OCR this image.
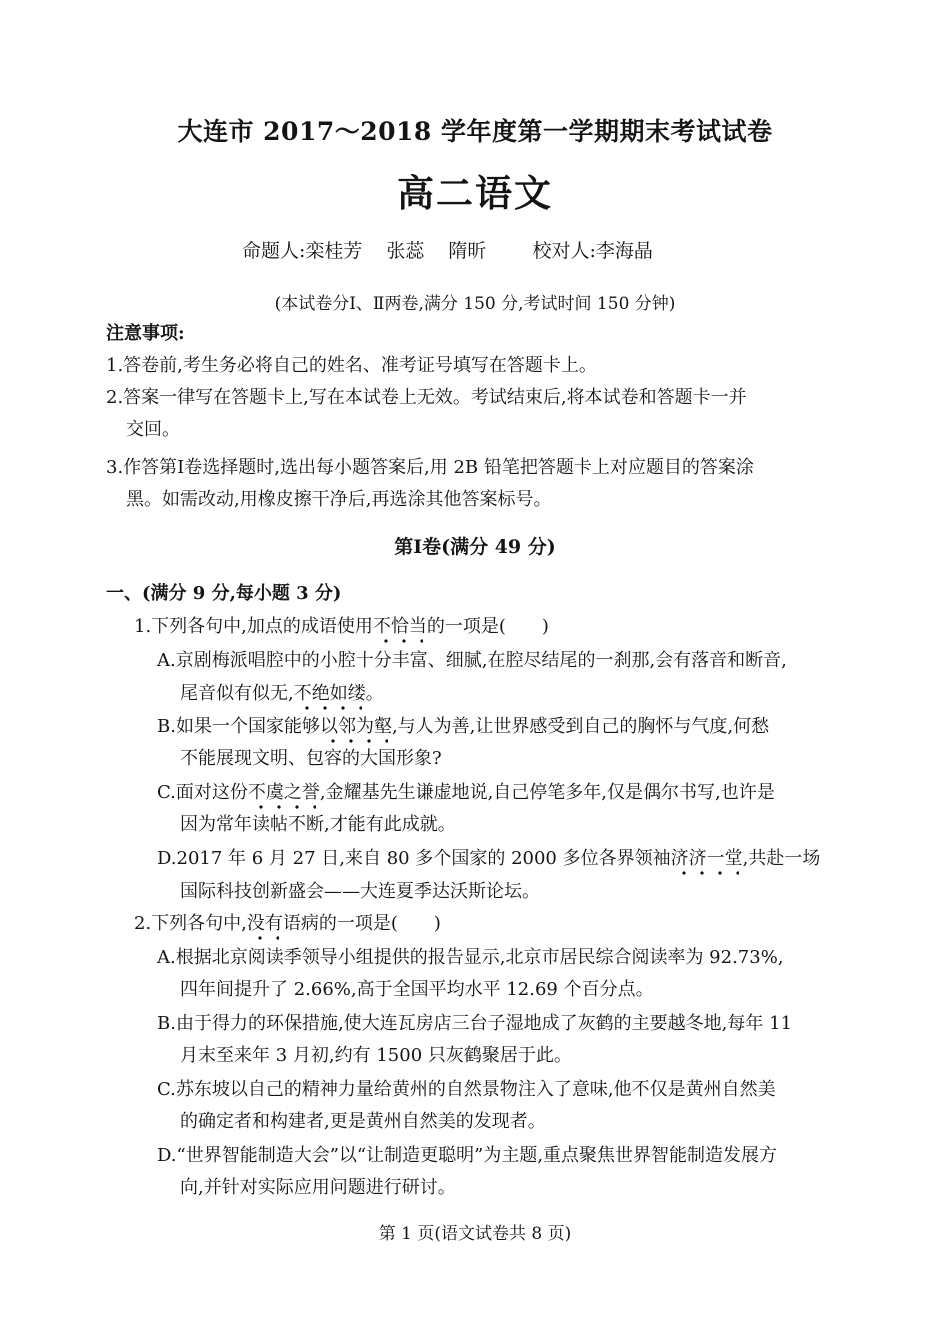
大连市 2017～2018 学年度第一学期期末考试试卷
高二语文
命题人:栾桂芳 张蕊 隋昕 校对人:李海晶
(本试卷分Ⅰ、Ⅱ两卷,满分 150 分,考试时间 150 分钟)
注意事项:
1.答卷前,考生务必将自己的姓名、准考证号填写在答题卡上。
2.答案一律写在答题卡上,写在本试卷上无效。考试结束后,将本试卷和答题卡一并
交回。
3.作答第Ⅰ卷选择题时,选出每小题答案后,用 2B 铅笔把答题卡上对应题目的答案涂
黑。如需改动,用橡皮擦干净后,再选涂其他答案标号。
第Ⅰ卷(满分 49 分)
一、(满分 9 分,每小题 3 分)
1.下列各句中,加点的成语使用不恰当的一项是(　　)
A.京剧梅派唱腔中的小腔十分丰富、细腻,在腔尽结尾的一刹那,会有落音和断音,
尾音似有似无,不绝如缕。
B.如果一个国家能够以邻为壑,与人为善,让世界感受到自己的胸怀与气度,何愁
不能展现文明、包容的大国形象?
C.面对这份不虞之誉,金耀基先生谦虚地说,自己停笔多年,仅是偶尔书写,也许是
因为常年读帖不断,才能有此成就。
D.2017 年 6 月 27 日,来自 80 多个国家的 2000 多位各界领袖济济一堂,共赴一场
国际科技创新盛会——大连夏季达沃斯论坛。
2.下列各句中,没有语病的一项是(　　)
A.根据北京阅读季领导小组提供的报告显示,北京市居民综合阅读率为 92.73%,
四年间提升了 2.66%,高于全国平均水平 12.69 个百分点。
B.由于得力的环保措施,使大连瓦房店三台子湿地成了灰鹤的主要越冬地,每年 11
月末至来年 3 月初,约有 1500 只灰鹤聚居于此。
C.苏东坡以自己的精神力量给黄州的自然景物注入了意味,他不仅是黄州自然美
的确定者和构建者,更是黄州自然美的发现者。
D.“世界智能制造大会”以“让制造更聪明”为主题,重点聚焦世界智能制造发展方
向,并针对实际应用问题进行研讨。
第 1 页(语文试卷共 8 页)
